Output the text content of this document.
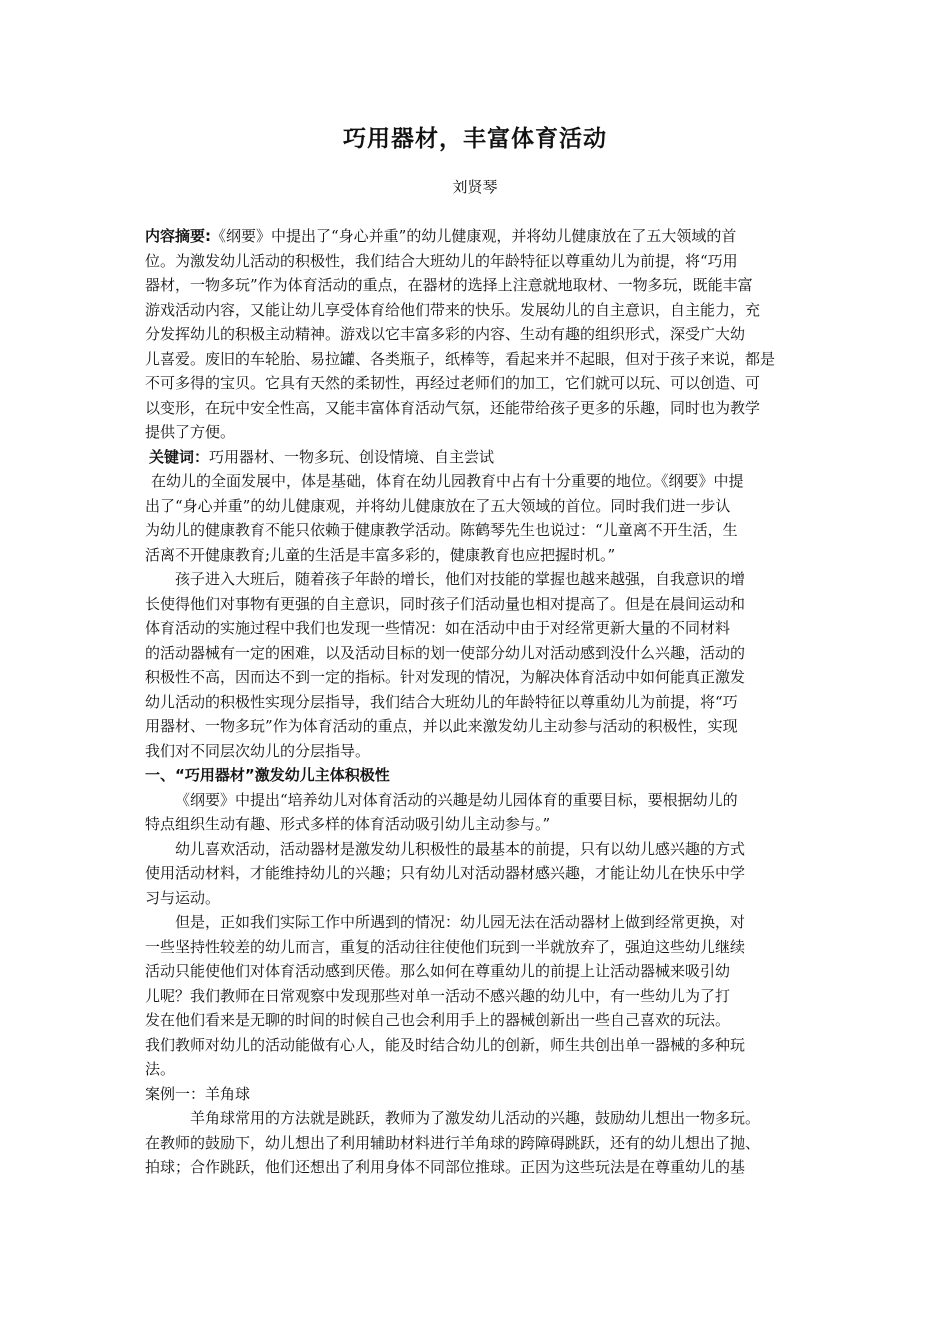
巧用器材，丰富体育活动
刘贤琴
内容摘要:《纲要》中提出了“身心并重”的幼儿健康观，并将幼儿健康放在了五大领域的首
位。为激发幼儿活动的积极性，我们结合大班幼儿的年龄特征以尊重幼儿为前提，将“巧用
器材，一物多玩”作为体育活动的重点，在器材的选择上注意就地取材、一物多玩，既能丰富
游戏活动内容，又能让幼儿享受体育给他们带来的快乐。发展幼儿的自主意识，自主能力，充
分发挥幼儿的积极主动精神。游戏以它丰富多彩的内容、生动有趣的组织形式，深受广大幼
儿喜爱。废旧的车轮胎、易拉罐、各类瓶子，纸棒等，看起来并不起眼，但对于孩子来说，都是
不可多得的宝贝。它具有天然的柔韧性，再经过老师们的加工，它们就可以玩、可以创造、可
以变形，在玩中安全性高，又能丰富体育活动气氛，还能带给孩子更多的乐趣，同时也为教学
提供了方便。
关键词：巧用器材、一物多玩、创设情境、自主尝试
在幼儿的全面发展中，体是基础，体育在幼儿园教育中占有十分重要的地位。《纲要》中提
出了“身心并重”的幼儿健康观，并将幼儿健康放在了五大领域的首位。同时我们进一步认
为幼儿的健康教育不能只依赖于健康教学活动。陈鹤琴先生也说过：“儿童离不开生活，生
活离不开健康教育;儿童的生活是丰富多彩的，健康教育也应把握时机。”
孩子进入大班后，随着孩子年龄的增长，他们对技能的掌握也越来越强，自我意识的增
长使得他们对事物有更强的自主意识，同时孩子们活动量也相对提高了。但是在晨间运动和
体育活动的实施过程中我们也发现一些情况：如在活动中由于对经常更新大量的不同材料
的活动器械有一定的困难，以及活动目标的划一使部分幼儿对活动感到没什么兴趣，活动的
积极性不高，因而达不到一定的指标。针对发现的情况，为解决体育活动中如何能真正激发
幼儿活动的积极性实现分层指导，我们结合大班幼儿的年龄特征以尊重幼儿为前提，将“巧
用器材、一物多玩”作为体育活动的重点，并以此来激发幼儿主动参与活动的积极性，实现
我们对不同层次幼儿的分层指导。
一、“巧用器材”激发幼儿主体积极性
《纲要》中提出“培养幼儿对体育活动的兴趣是幼儿园体育的重要目标，要根据幼儿的
特点组织生动有趣、形式多样的体育活动吸引幼儿主动参与。”
幼儿喜欢活动，活动器材是激发幼儿积极性的最基本的前提，只有以幼儿感兴趣的方式
使用活动材料，才能维持幼儿的兴趣；只有幼儿对活动器材感兴趣，才能让幼儿在快乐中学
习与运动。
但是，正如我们实际工作中所遇到的情况：幼儿园无法在活动器材上做到经常更换，对
一些坚持性较差的幼儿而言，重复的活动往往使他们玩到一半就放弃了，强迫这些幼儿继续
活动只能使他们对体育活动感到厌倦。那么如何在尊重幼儿的前提上让活动器械来吸引幼
儿呢？我们教师在日常观察中发现那些对单一活动不感兴趣的幼儿中，有一些幼儿为了打
发在他们看来是无聊的时间的时候自己也会利用手上的器械创新出一些自己喜欢的玩法。
我们教师对幼儿的活动能做有心人，能及时结合幼儿的创新，师生共创出单一器械的多种玩
法。
案例一：羊角球
羊角球常用的方法就是跳跃，教师为了激发幼儿活动的兴趣，鼓励幼儿想出一物多玩。
在教师的鼓励下，幼儿想出了利用辅助材料进行羊角球的跨障碍跳跃，还有的幼儿想出了抛、
拍球；合作跳跃，他们还想出了利用身体不同部位推球。正因为这些玩法是在尊重幼儿的基
